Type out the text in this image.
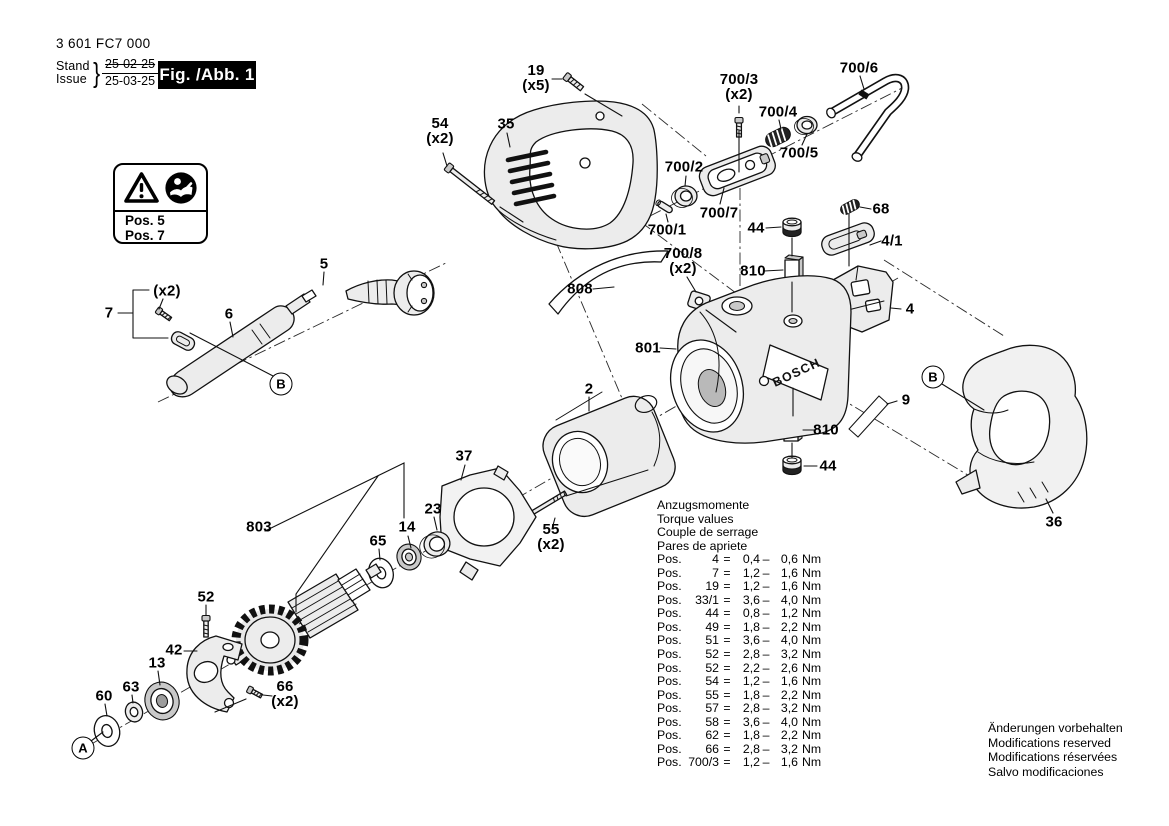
BOSCH
3 601 FC7 000
Stand
Issue } 25-02-25
25-03-25 Fig. /Abb. 1
Pos. 5
Pos. 7
Anzugsmomente
Torque values
Couple de serrage
Pares de apriete
Pos.	4 = 0,4 – 0,6 Nm
Pos.	7 = 1,2 – 1,6 Nm
Pos.	19 = 1,2 – 1,6 Nm
Pos.	33/1 = 3,6 – 4,0 Nm
Pos.	44 = 0,8 – 1,2 Nm
Pos.	49 = 1,8 – 2,2 Nm
Pos.	51 = 3,6 – 4,0 Nm
Pos.	52 = 2,8 – 3,2 Nm
Pos.	52 = 2,2 – 2,6 Nm
Pos.	54 = 1,2 – 1,6 Nm
Pos.	55 = 1,8 – 2,2 Nm
Pos.	57 = 2,8 – 3,2 Nm
Pos.	58 = 3,6 – 4,0 Nm
Pos.	62 = 1,8 – 2,2 Nm
Pos.	66 = 2,8 – 3,2 Nm
Pos. 700/3 = 1,2 – 1,6 Nm
Änderungen vorbehalten
Modifications reserved
Modifications réservées
Salvo modificaciones
19
(x5)
54
(x2)
35
700/3
(x2)
700/4
700/6
700/5
700/2
700/7
700/1	44
68
4/1
810
700/8
(x2)
808
801
4
9
810
44
2
5
6
7
(x2)
37
23
55
(x2)
803
65
14
52
42
13
63
60
66
(x2)
36
A
B	B
